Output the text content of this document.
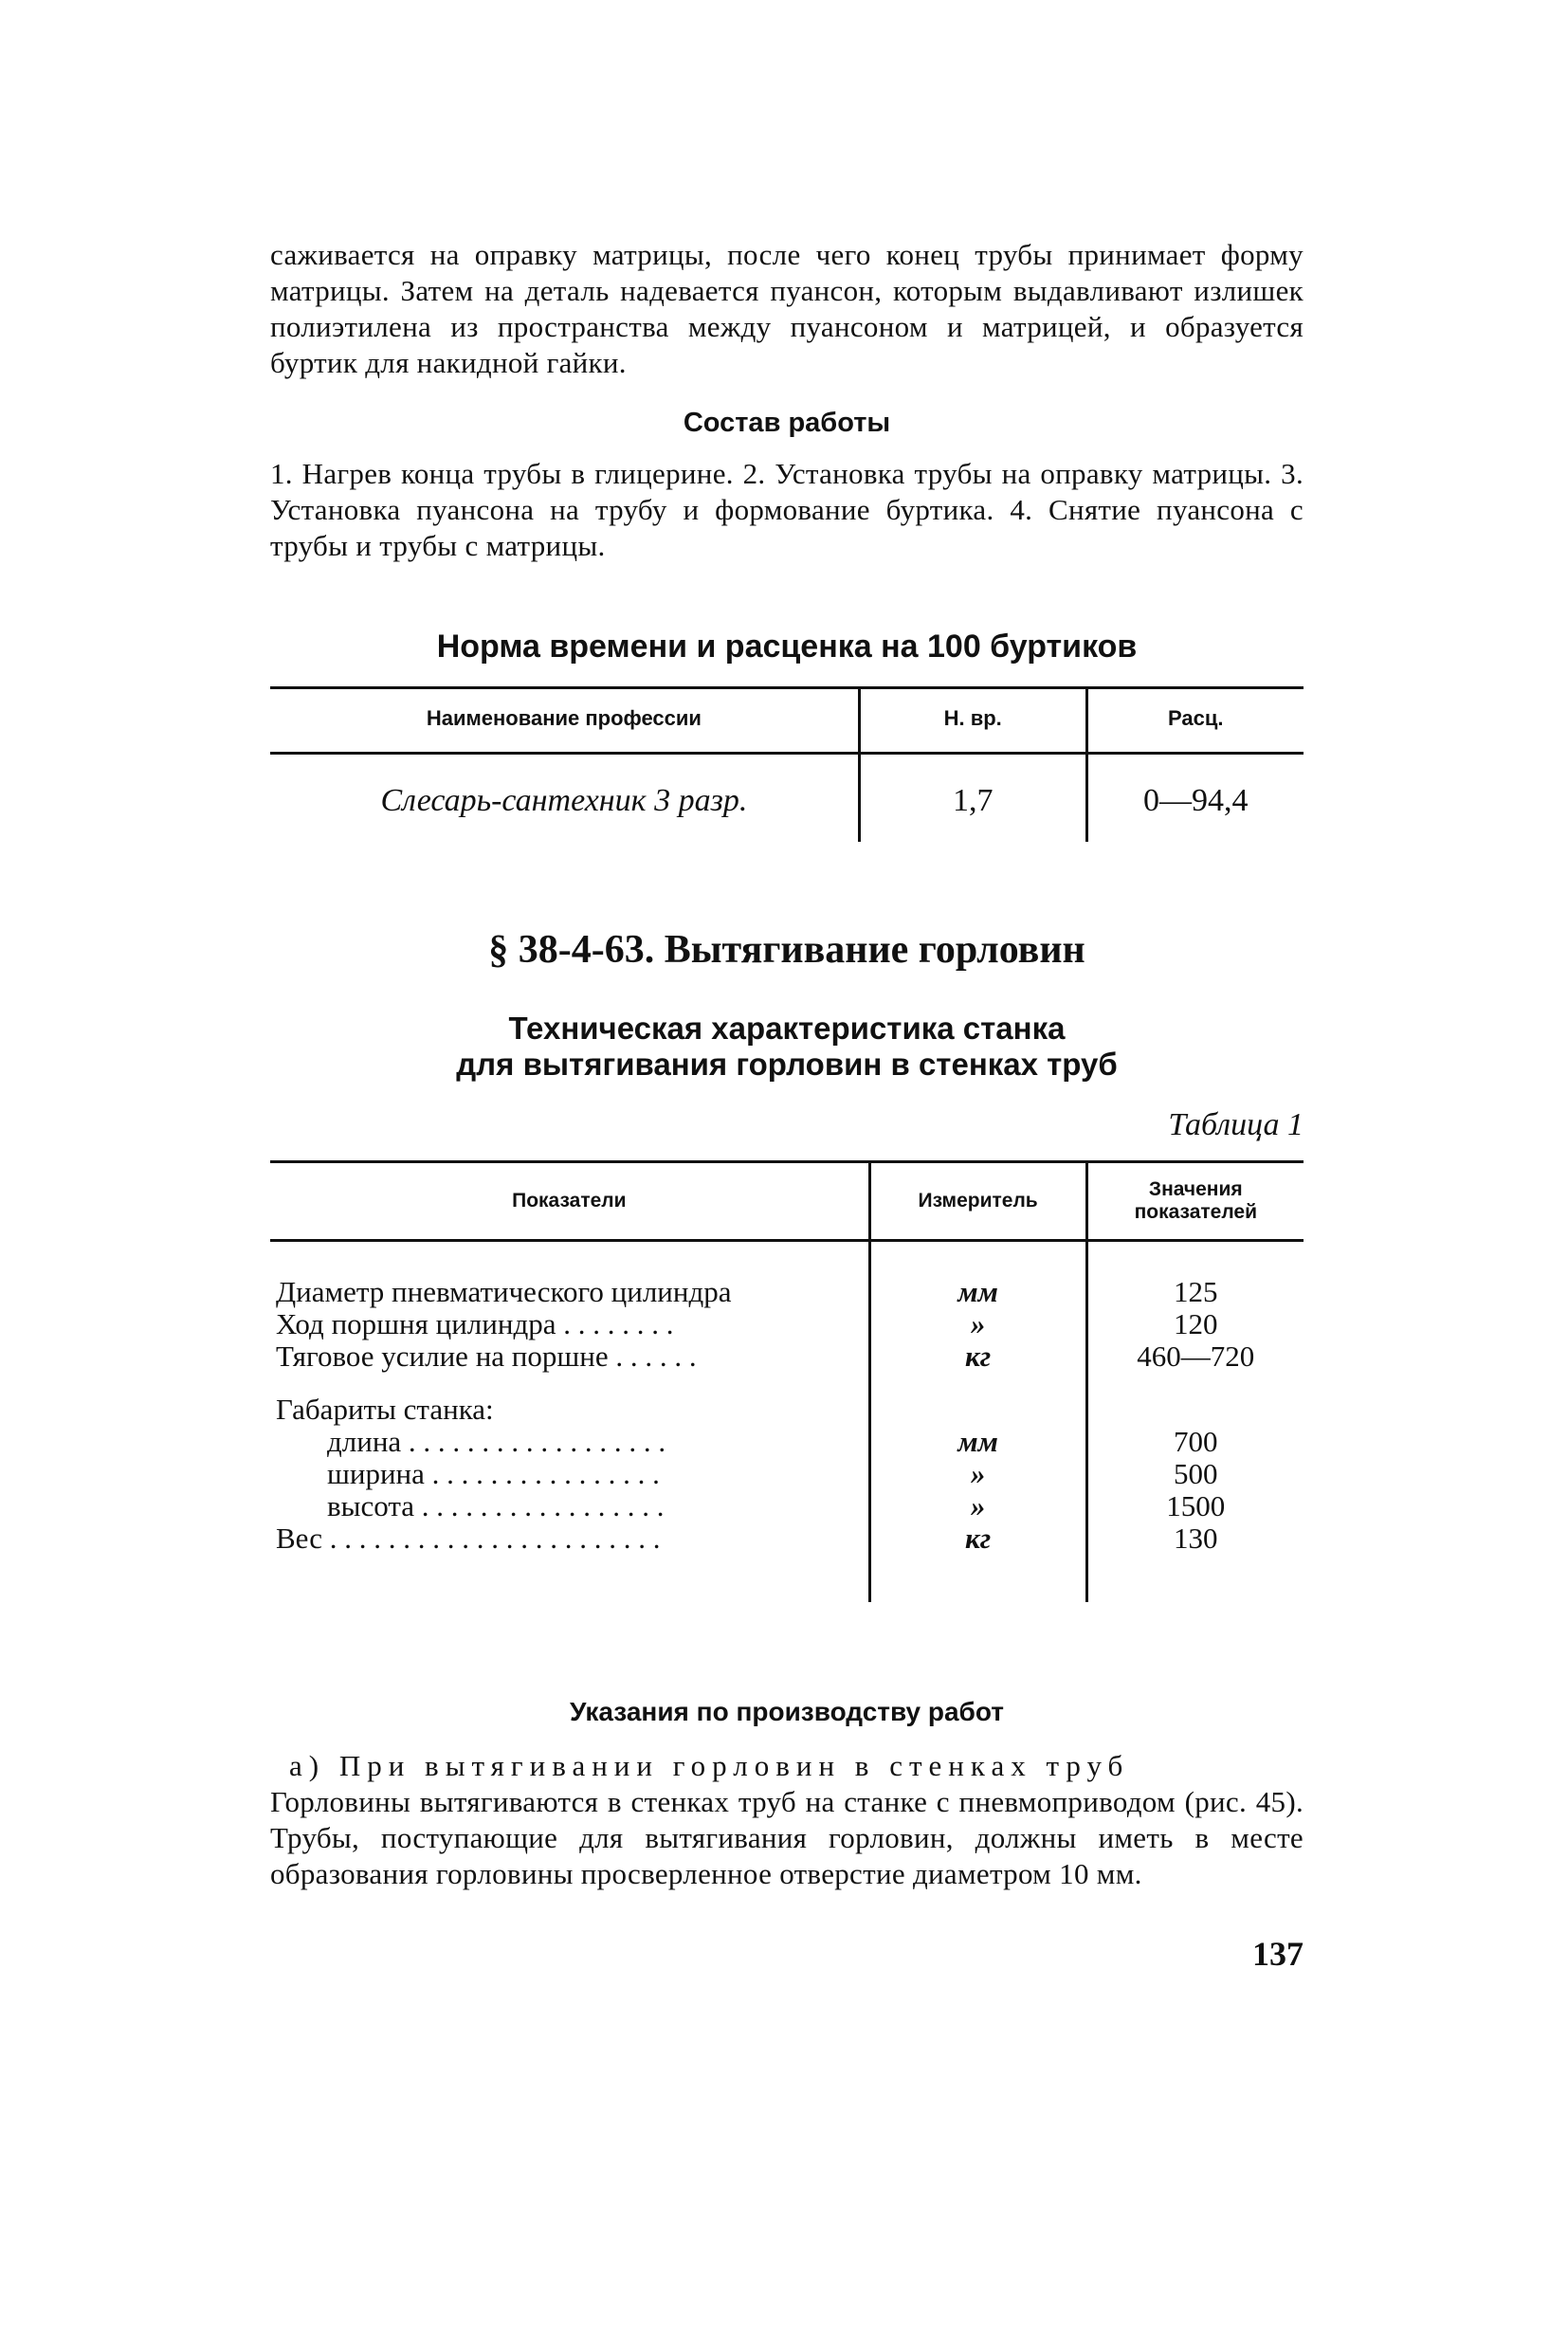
саживается на оправку матрицы, после чего конец трубы принимает форму матрицы. Затем на деталь надевается пуансон, которым выдавливают излишек полиэтилена из пространства между пуансоном и матрицей, и образуется буртик для накидной гайки.

Состав работы

1. Нагрев конца трубы в глицерине. 2. Установка трубы на оправку матрицы. 3. Установка пуансона на трубу и формование буртика. 4. Снятие пуансона с трубы и трубы с матрицы.

Норма времени и расценка на 100 буртиков
Наименование профессии	Н. вр.	Расц.
Слесарь-сантехник 3 разр.	1,7	0—94,4
§ 38-4-63. Вытягивание горловин
Техническая характеристика станка
для вытягивания горловин в стенках труб
Таблица 1
Показатели	Измеритель	Значения показателей
Диаметр пневматического цилиндра	мм	125
Ход поршня цилиндра . . . . . . . .	»	120
Тяговое усилие на поршне . . . . . .	кг	460—720
Габариты станка:		
длина . . . . . . . . . . . . . . . . . .	мм	700
ширина . . . . . . . . . . . . . . . .	»	500
высота . . . . . . . . . . . . . . . . .	»	1500
Вес . . . . . . . . . . . . . . . . . . . . . . .	кг	130
Указания по производству работ

а) При вытягивании горловин в стенках труб

Горловины вытягиваются в стенках труб на станке с пневмоприводом (рис. 45). Трубы, поступающие для вытягивания горловин, должны иметь в месте образования горловины просверленное отверстие диаметром 10 мм.

137
